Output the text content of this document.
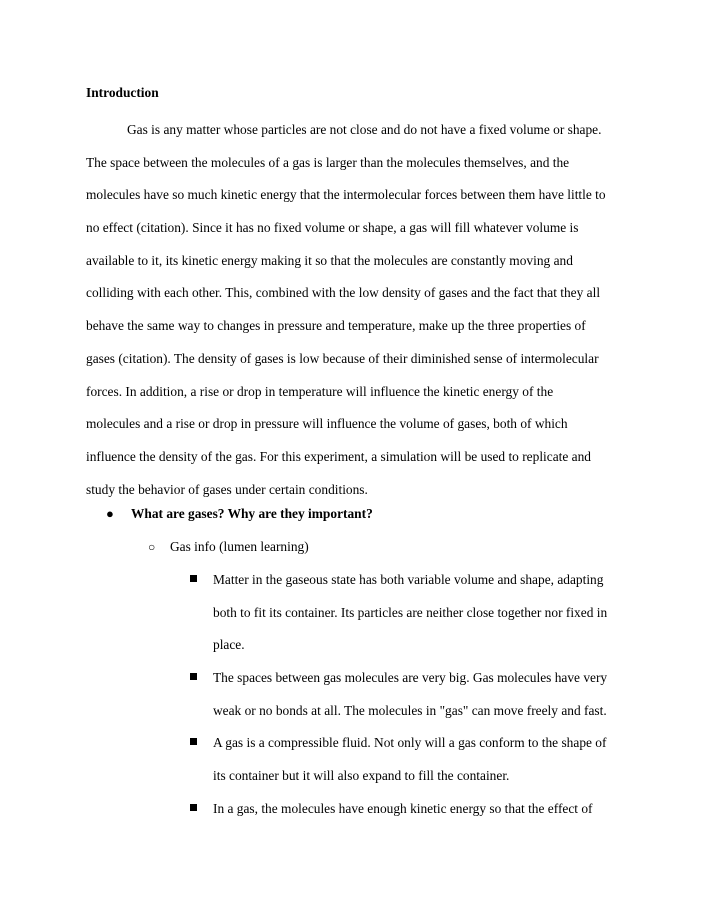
Introduction
Gas is any matter whose particles are not close and do not have a fixed volume or shape.
The space between the molecules of a gas is larger than the molecules themselves, and the
molecules have so much kinetic energy that the intermolecular forces between them have little to
no effect (citation). Since it has no fixed volume or shape, a gas will fill whatever volume is
available to it, its kinetic energy making it so that the molecules are constantly moving and
colliding with each other. This, combined with the low density of gases and the fact that they all
behave the same way to changes in pressure and temperature, make up the three properties of
gases (citation). The density of gases is low because of their diminished sense of intermolecular
forces. In addition, a rise or drop in temperature will influence the kinetic energy of the
molecules and a rise or drop in pressure will influence the volume of gases, both of which
influence the density of the gas. For this experiment, a simulation will be used to replicate and
study the behavior of gases under certain conditions.
● What are gases? Why are they important?
○ Gas info (lumen learning)
Matter in the gaseous state has both variable volume and shape, adapting
both to fit its container. Its particles are neither close together nor fixed in
place.
The spaces between gas molecules are very big. Gas molecules have very
weak or no bonds at all. The molecules in "gas" can move freely and fast.
A gas is a compressible fluid. Not only will a gas conform to the shape of
its container but it will also expand to fill the container.
In a gas, the molecules have enough kinetic energy so that the effect of
